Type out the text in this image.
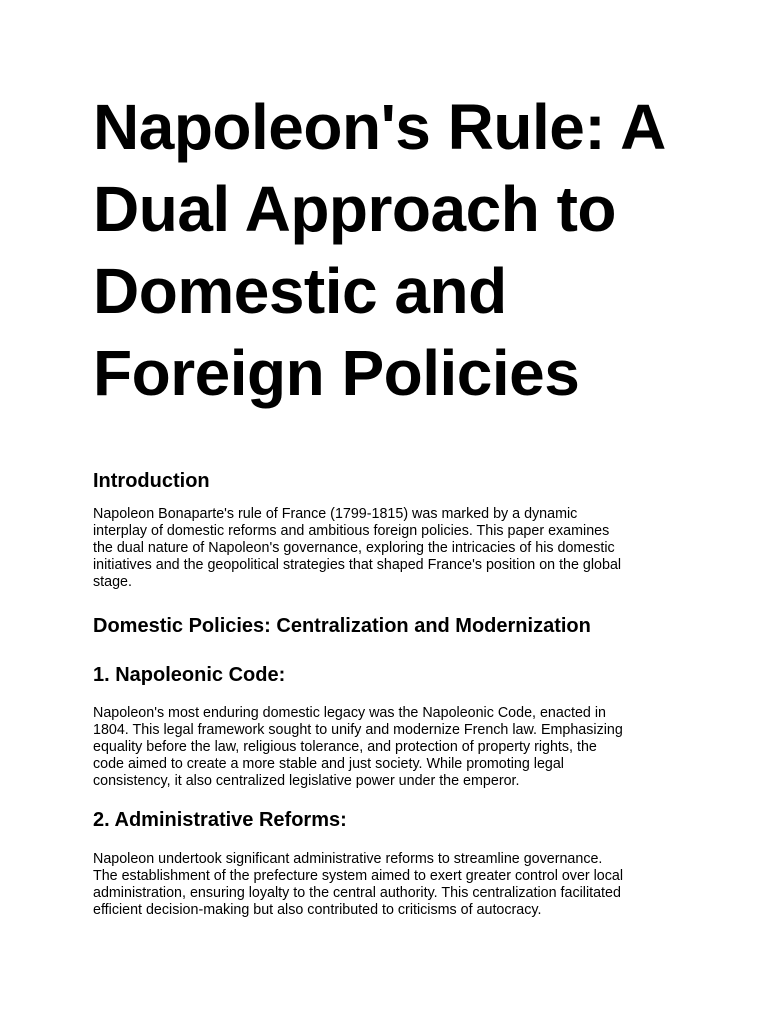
Napoleon's Rule: A
Dual Approach to
Domestic and
Foreign Policies
Introduction

Napoleon Bonaparte's rule of France (1799-1815) was marked by a dynamic
interplay of domestic reforms and ambitious foreign policies. This paper examines
the dual nature of Napoleon's governance, exploring the intricacies of his domestic
initiatives and the geopolitical strategies that shaped France's position on the global
stage.

Domestic Policies: Centralization and Modernization
1. Napoleonic Code:

Napoleon's most enduring domestic legacy was the Napoleonic Code, enacted in
1804. This legal framework sought to unify and modernize French law. Emphasizing
equality before the law, religious tolerance, and protection of property rights, the
code aimed to create a more stable and just society. While promoting legal
consistency, it also centralized legislative power under the emperor.

2. Administrative Reforms:

Napoleon undertook significant administrative reforms to streamline governance.
The establishment of the prefecture system aimed to exert greater control over local
administration, ensuring loyalty to the central authority. This centralization facilitated
efficient decision-making but also contributed to criticisms of autocracy.
